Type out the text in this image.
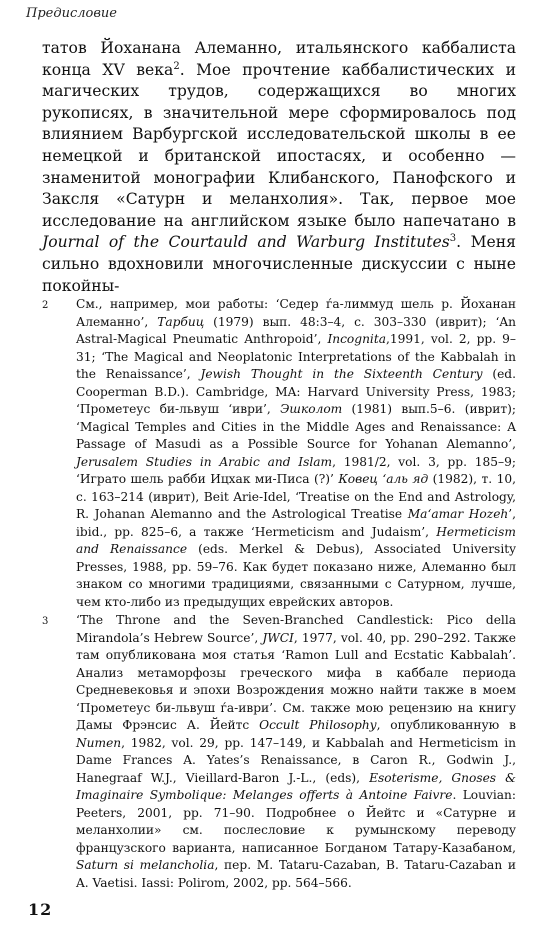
Предисловие

татов Йоханана Алеманно, итальянского каббалиста конца XV века$^2$. Мое прочтение каббалистических и магических трудов, содержащихся во многих рукописях, в значительной мере сформировалось под влиянием Варбургской исследовательской школы в ее немецкой и британской ипостасях, и особенно — знаменитой монографии Клибанского, Панофского и Заксля «Сатурн и меланхолия». Так, первое мое исследование на английском языке было напечатано в Journal of the Courtauld and Warburg Institutes$^3$. Меня сильно вдохновили многочисленные дискуссии с ныне покойны-

2	См., например, мои работы: ‘Седер ѓа-лиммуд шель р. Йоханан Алеманно’, Тарбиц (1979) вып. 48:3–4, с. 303–330 (иврит); ‘An Astral-Magical Pneumatic Anthropoid’, Incognita,1991, vol. 2, pp. 9–31; ‘The Magical and Neoplatonic Interpretations of the Kabbalah in the Renaissance’, Jewish Thought in the Sixteenth Century (ed. Cooperman B.D.). Cambridge, MA: Harvard University Press, 1983; ‘Прометеус би-львуш ‘иври’, Эшколот (1981) вып.5–6. (иврит); ‘Magical Temples and Cities in the Middle Ages and Renaissance: A Passage of Masudi as a Possible Source for Yohanan Alemanno’, Jerusalem Studies in Arabic and Islam, 1981/2, vol. 3, pp. 185–9; ‘Играто шель рабби Ицхак ми-Писа (?)’ Ковец ‘аль яд (1982), т. 10, с. 163–214 (иврит), Beit Arie-Idel, ‘Treatise on the End and Astrology, R. Johanan Alemanno and the Astrological Treatise Ma‘amar Hozeh’, ibid., pp. 825–6, а также ‘Hermeticism and Judaism’, Hermeticism and Renaissance (eds. Merkel & Debus), Associated University Presses, 1988, pp. 59–76. Как будет показано ниже, Алеманно был знаком со многими традициями, связанными с Сатурном, лучше, чем кто-либо из предыдущих еврейских авторов.
3	‘The Throne and the Seven-Branched Candlestick: Pico della Mirandola’s Hebrew Source’, JWCI, 1977, vol. 40, pp. 290–292. Также там опубликована моя статья ‘Ramon Lull and Ecstatic Kabbalah’. Анализ метаморфозы греческого мифа в каббале периода Средневековья и эпохи Возрождения можно найти также в моем ‘Прометеус би-львуш ѓа-иври’. См. также мою рецензию на книгу Дамы Фрэнсис А. Йейтс Occult Philosophy, опубликованную в Numen, 1982, vol. 29, pp. 147–149, и Kabbalah and Hermeticism in Dame Frances A. Yates’s Renaissance, в Caron R., Godwin J., Hanegraaf W.J., Vieillard-Baron J.-L., (eds), Esoterisme, Gnoses & Imaginaire Symbolique: Melanges offerts à Antoine Faivre. Louvian: Peeters, 2001, pp. 71–90. Подробнее о Йейтс и «Сатурне и меланхолии» см. послесловие к румынскому переводу французского варианта, написанное Богданом Татару-Казабаном, Saturn si melancholia, пер. M. Tataru-Cazaban, B. Tataru-Cazaban и A. Vaetisi. Iassi: Polirom, 2002, pp. 564–566.
12
